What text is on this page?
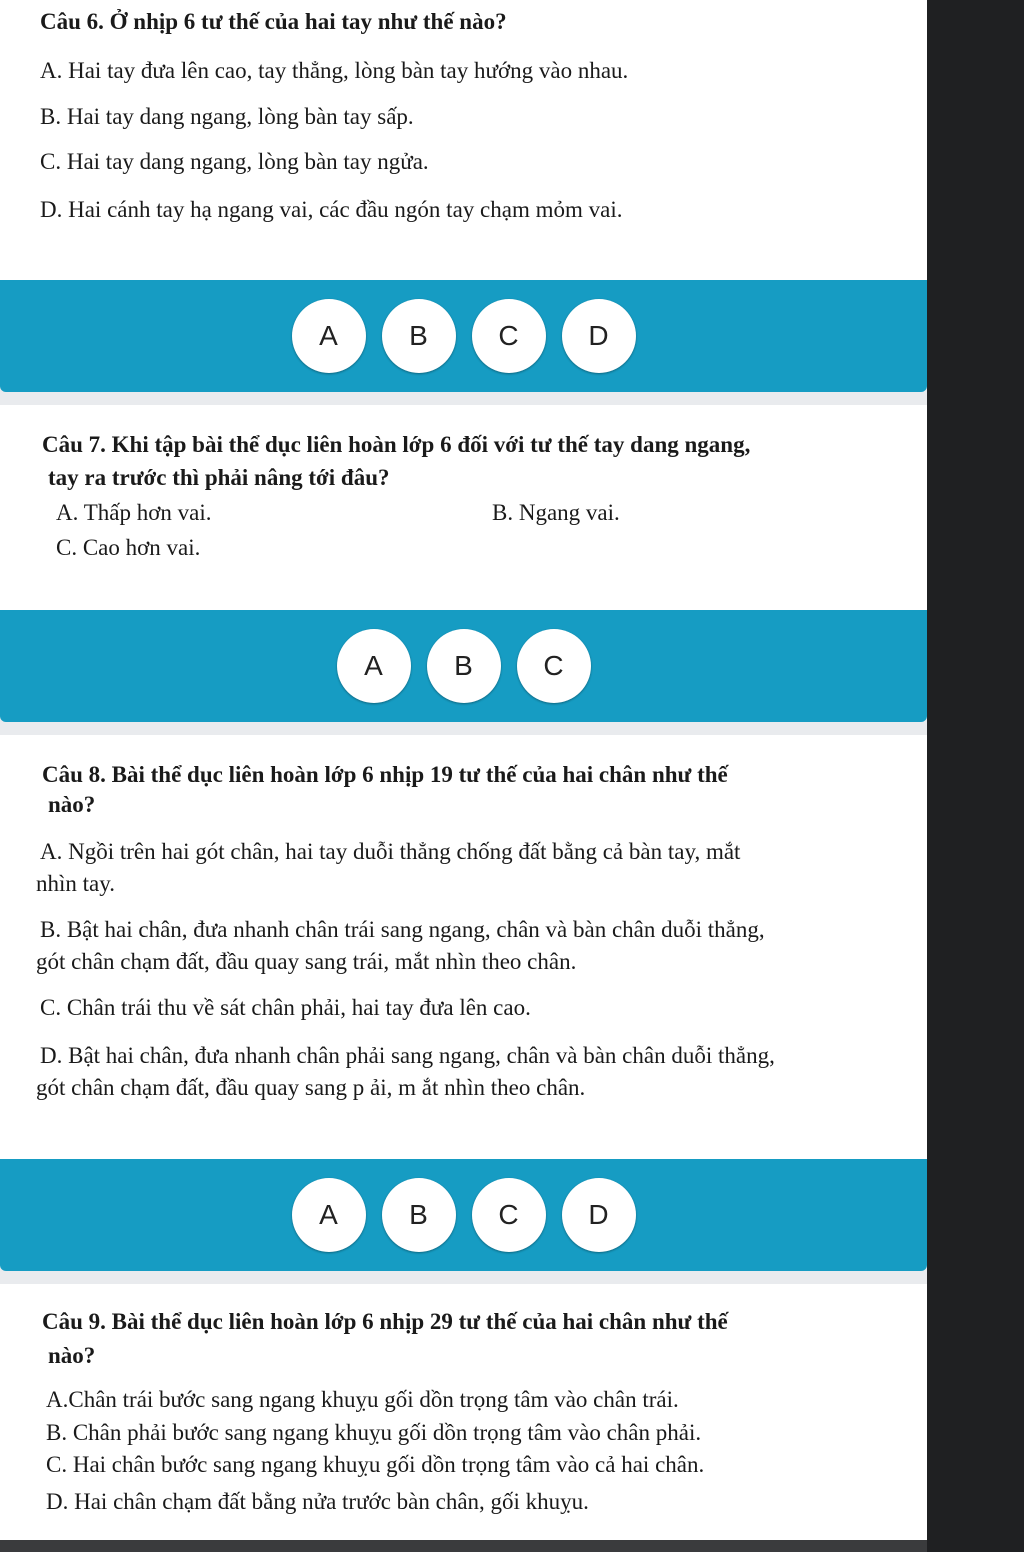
Câu 6. Ở nhịp 6 tư thế của hai tay như thế nào?
A. Hai tay đưa lên cao, tay thẳng, lòng bàn tay hướng vào nhau.
B. Hai tay dang ngang, lòng bàn tay sấp.
C. Hai tay dang ngang, lòng bàn tay ngửa.
D. Hai cánh tay hạ ngang vai, các đầu ngón tay chạm mỏm vai.
A	B	C	D
Câu 7. Khi tập bài thể dục liên hoàn lớp 6 đối với tư thế tay dang ngang,
tay ra trước thì phải nâng tới đâu?
A. Thấp hơn vai.	B. Ngang vai.
C. Cao hơn vai.
A	B	C
Câu 8. Bài thể dục liên hoàn lớp 6 nhịp 19 tư thế của hai chân như thế
nào?
A. Ngồi trên hai gót chân, hai tay duỗi thẳng chống đất bằng cả bàn tay, mắt
nhìn tay.
B. Bật hai chân, đưa nhanh chân trái sang ngang, chân và bàn chân duỗi thẳng,
gót chân chạm đất, đầu quay sang trái, mắt nhìn theo chân.
C. Chân trái thu về sát chân phải, hai tay đưa lên cao.
D. Bật hai chân, đưa nhanh chân phải sang ngang, chân và bàn chân duỗi thẳng,
gót chân chạm đất, đầu quay sang p ải, m ắt nhìn theo chân.
A	B	C	D
Câu 9. Bài thể dục liên hoàn lớp 6 nhịp 29 tư thế của hai chân như thế
nào?
A.Chân trái bước sang ngang khuỵu gối dồn trọng tâm vào chân trái.
B. Chân phải bước sang ngang khuỵu gối dồn trọng tâm vào chân phải.
C. Hai chân bước sang ngang khuỵu gối dồn trọng tâm vào cả hai chân.
D. Hai chân chạm đất bằng nửa trước bàn chân, gối khuỵu.
